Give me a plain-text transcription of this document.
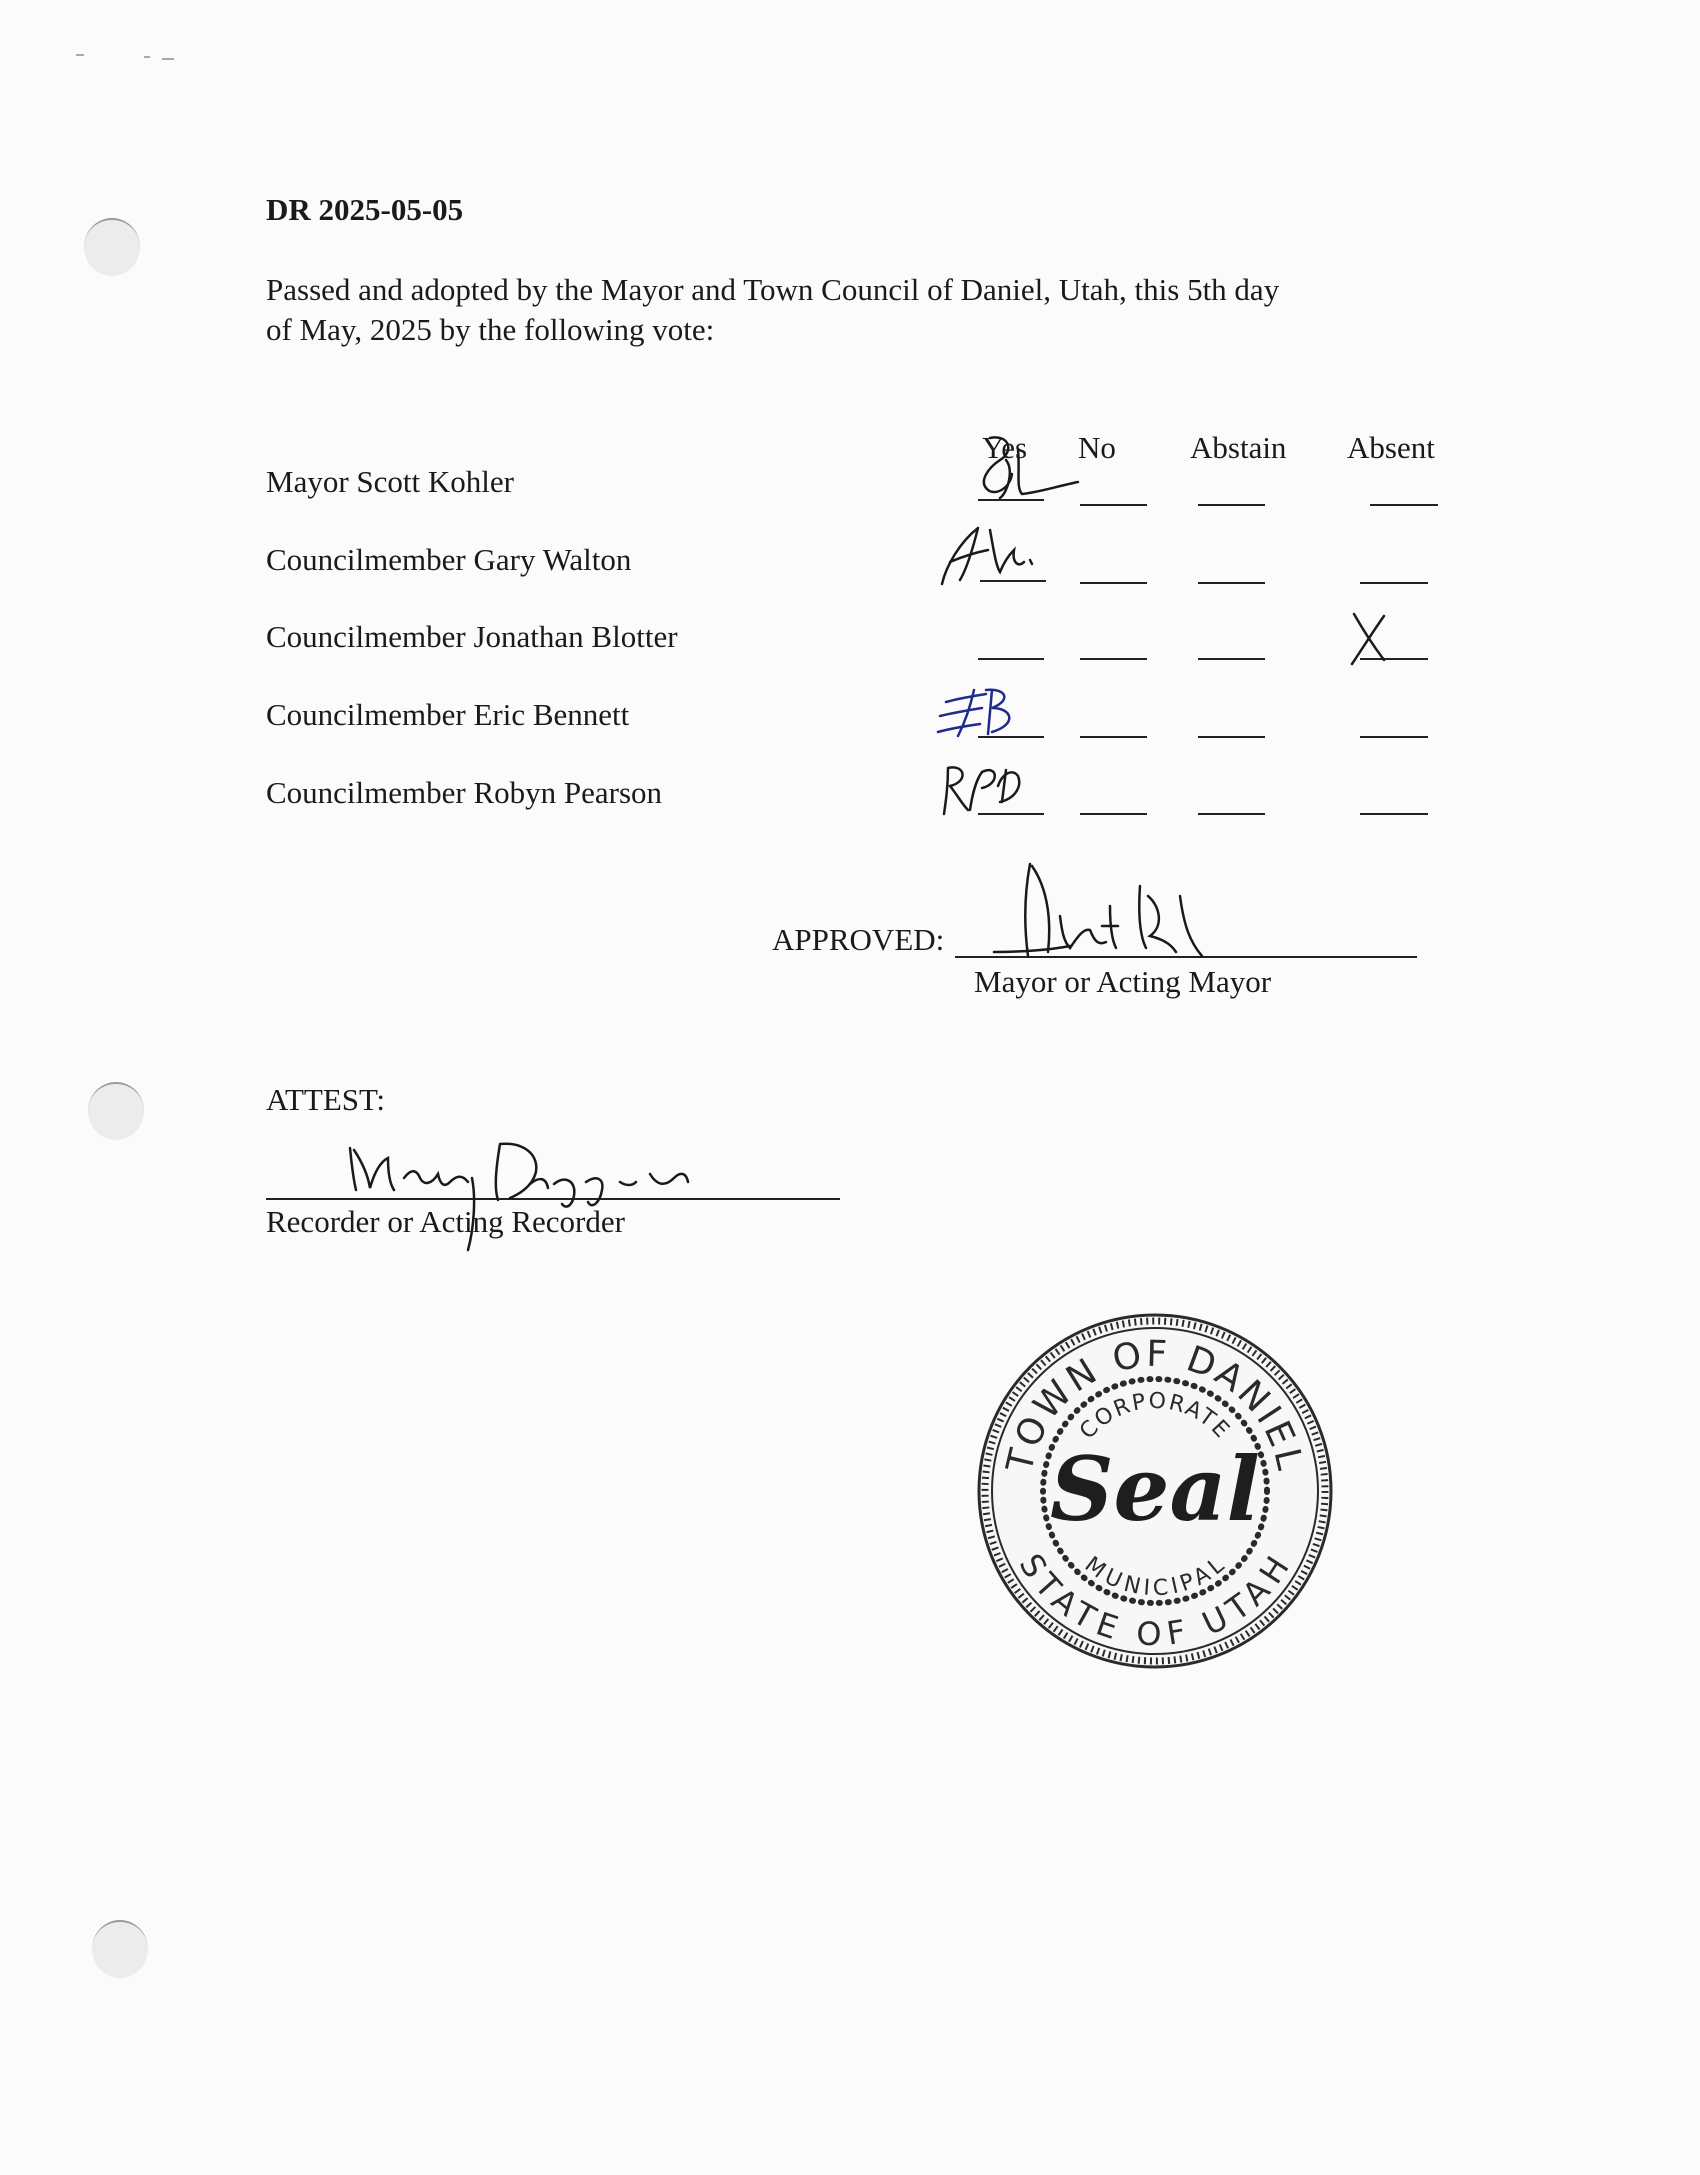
DR 2025-05-05
Passed and adopted by the Mayor and Town Council of Daniel, Utah, this 5th day
of May, 2025 by the following vote:
Yes No Abstain Absent
Mayor Scott Kohler
Councilmember Gary Walton
Councilmember Jonathan Blotter
Councilmember Eric Bennett
Councilmember Robyn Pearson
APPROVED:
Mayor or Acting Mayor
ATTEST:
Recorder or Acting Recorder
TOWN OF DANIEL
STATE OF UTAH
CORPORATE
MUNICIPAL
Seal
